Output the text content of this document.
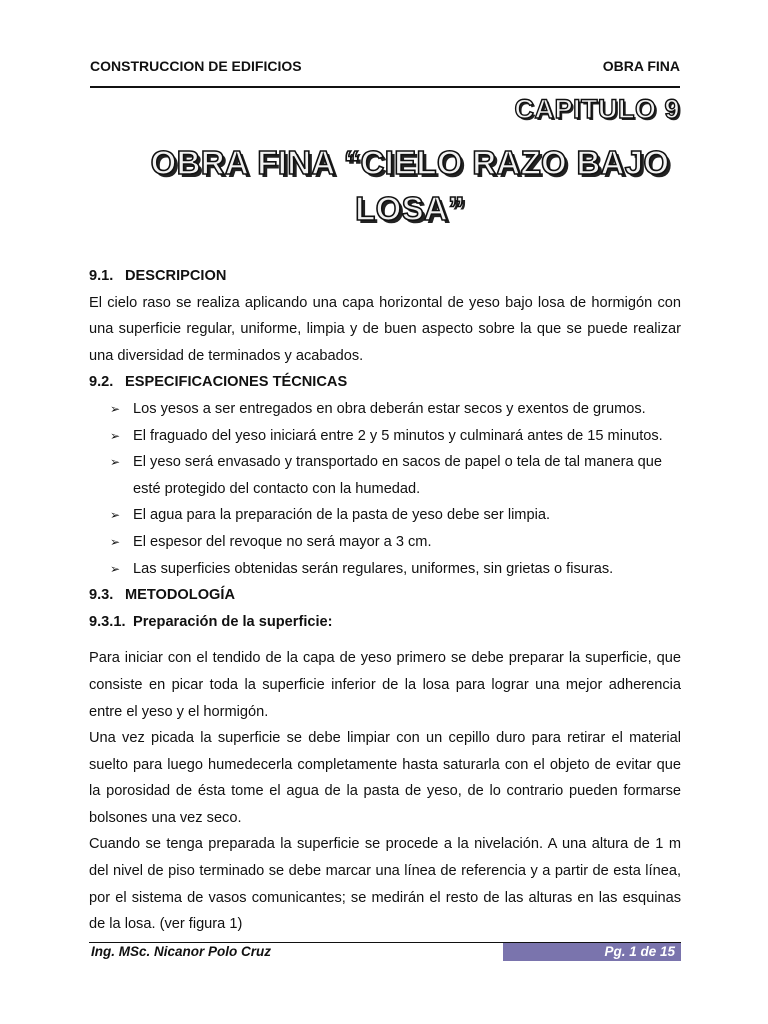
CONSTRUCCION DE EDIFICIOS	OBRA FINA
CAPITULO 9
OBRA FINA “CIELO RAZO BAJO
LOSA”
9.1. DESCRIPCION
El cielo raso se realiza aplicando una capa horizontal de yeso bajo losa de hormigón con una superficie regular, uniforme, limpia y de buen aspecto sobre la que se puede realizar una diversidad de terminados y acabados.
9.2. ESPECIFICACIONES TÉCNICAS
➢ Los yesos a ser entregados en obra deberán estar secos y exentos de grumos.
➢ El fraguado del yeso iniciará entre 2 y 5 minutos y culminará antes de 15 minutos.
➢ El yeso será envasado y transportado en sacos de papel o tela de tal manera que esté protegido del contacto con la humedad.
➢ El agua para la preparación de la pasta de yeso debe ser limpia.
➢ El espesor del revoque no será mayor a 3 cm.
➢ Las superficies obtenidas serán regulares, uniformes, sin grietas o fisuras.
9.3. METODOLOGÍA
9.3.1. Preparación de la superficie:
Para iniciar con el tendido de la capa de yeso primero se debe preparar la superficie, que consiste en picar toda la superficie inferior de la losa para lograr una mejor adherencia entre el yeso y el hormigón.
Una vez picada la superficie se debe limpiar con un cepillo duro para retirar el material suelto para luego humedecerla completamente hasta saturarla con el objeto de evitar que la porosidad de ésta tome el agua de la pasta de yeso, de lo contrario pueden formarse bolsones una vez seco.
Cuando se tenga preparada la superficie se procede a la nivelación. A una altura de 1 m del nivel de piso terminado se debe marcar una línea de referencia y a partir de esta línea, por el sistema de vasos comunicantes; se medirán el resto de las alturas en las esquinas de la losa. (ver figura 1)
Ing. MSc. Nicanor Polo Cruz	Pg. 1 de 15
